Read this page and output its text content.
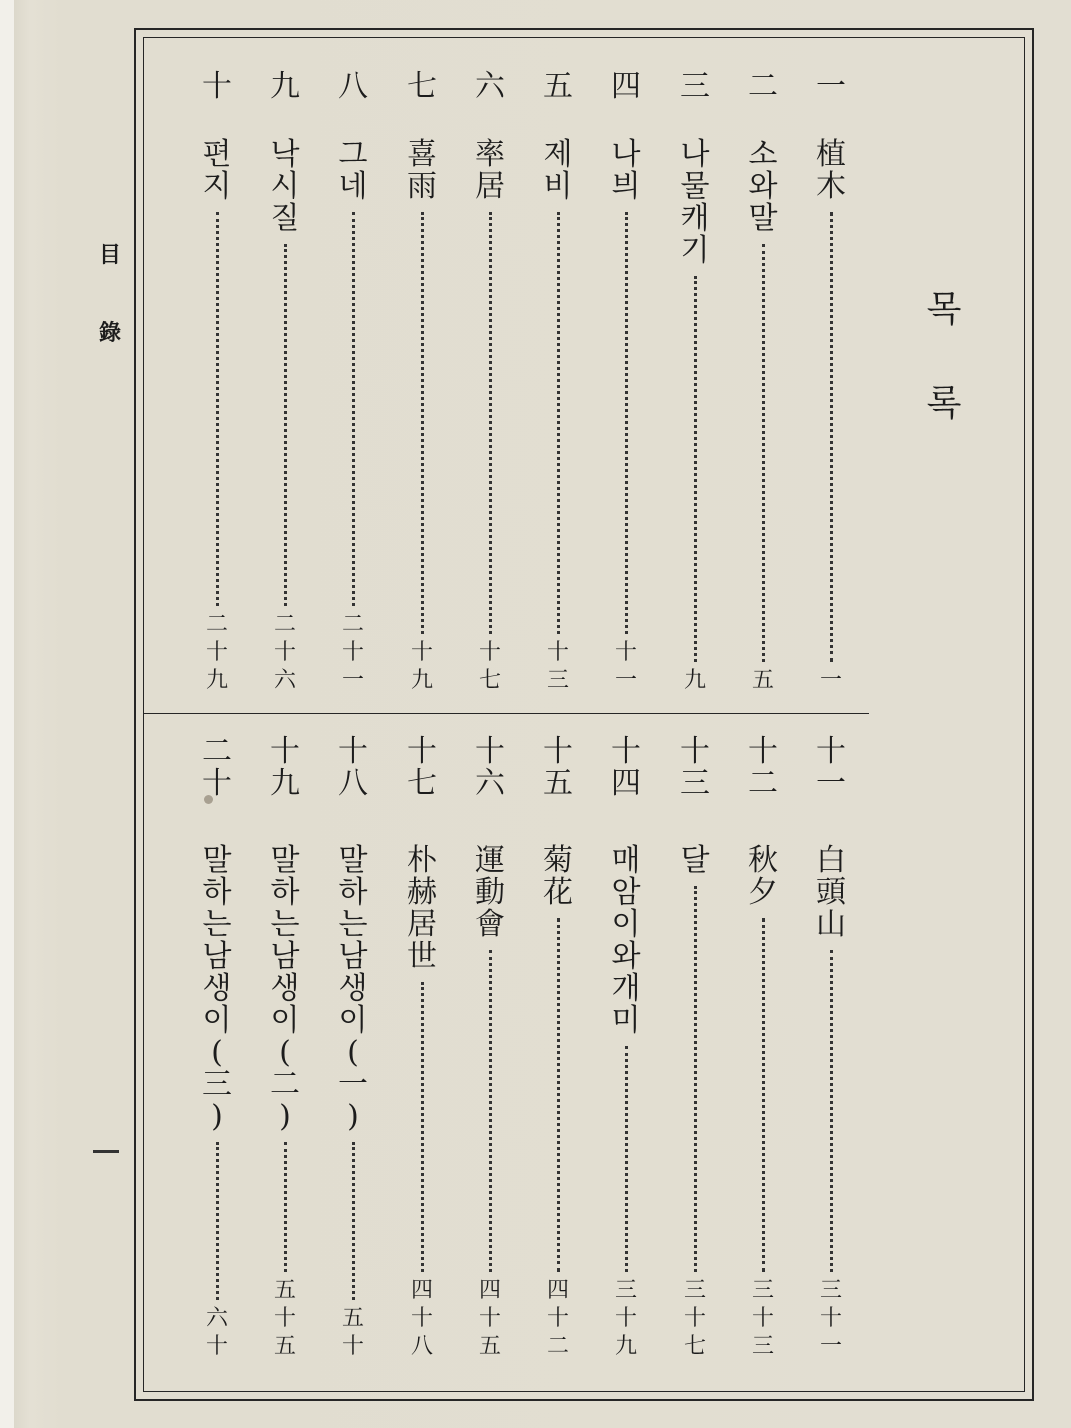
목
록
目
錄
一
植
木
一
二
소
와
말
五
三
나
물
캐
기
九
四
나
븨
十
一
五
제
비
十
三
六
率
居
十
七
七
喜
雨
十
九
八
그
네
二
十
一
九
낙
시
질
二
十
六
十
편
지
二
十
九
十
一
白
頭
山
三
十
一
十
二
秋
夕
三
十
三
十
三
달
三
十
七
十
四
매
암
이
와
개
미
三
十
九
十
五
菊
花
四
十
二
十
六
運
動
會
四
十
五
十
七
朴
赫
居
世
四
十
八
十
八
말
하
는
남
생
이
(
一
)
五
十
十
九
말
하
는
남
생
이
(
二
)
五
十
五
二
十
말
하
는
남
생
이
(
三
)
六
十
